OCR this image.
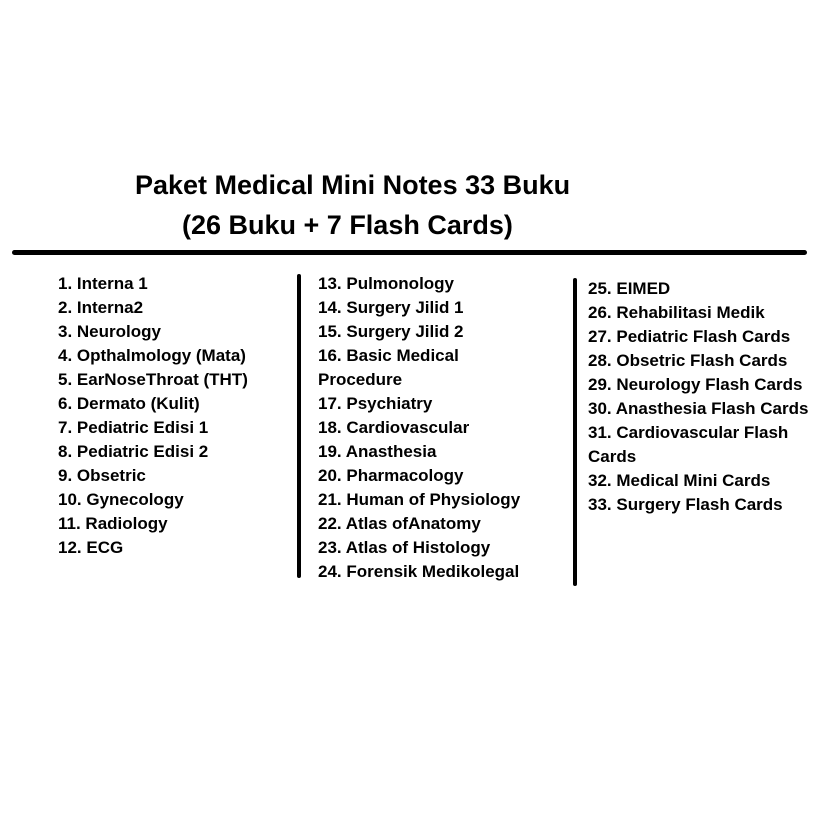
Paket Medical Mini Notes 33 Buku
(26 Buku + 7 Flash Cards)
1. Interna 1
2. Interna2
3. Neurology
4. Opthalmology (Mata)
5. EarNoseThroat (THT)
6. Dermato (Kulit)
7. Pediatric Edisi 1
8. Pediatric Edisi 2
9. Obsetric
10. Gynecology
11. Radiology
12. ECG
13. Pulmonology
14. Surgery Jilid 1
15. Surgery Jilid 2
16. Basic Medical Procedure
17. Psychiatry
18. Cardiovascular
19. Anasthesia
20. Pharmacology
21. Human of Physiology
22. Atlas ofAnatomy
23. Atlas of Histology
24. Forensik Medikolegal
25. EIMED
26. Rehabilitasi Medik
27. Pediatric Flash Cards
28. Obsetric Flash Cards
29. Neurology Flash Cards
30. Anasthesia Flash Cards
31. Cardiovascular Flash Cards
32. Medical Mini Cards
33. Surgery Flash Cards
